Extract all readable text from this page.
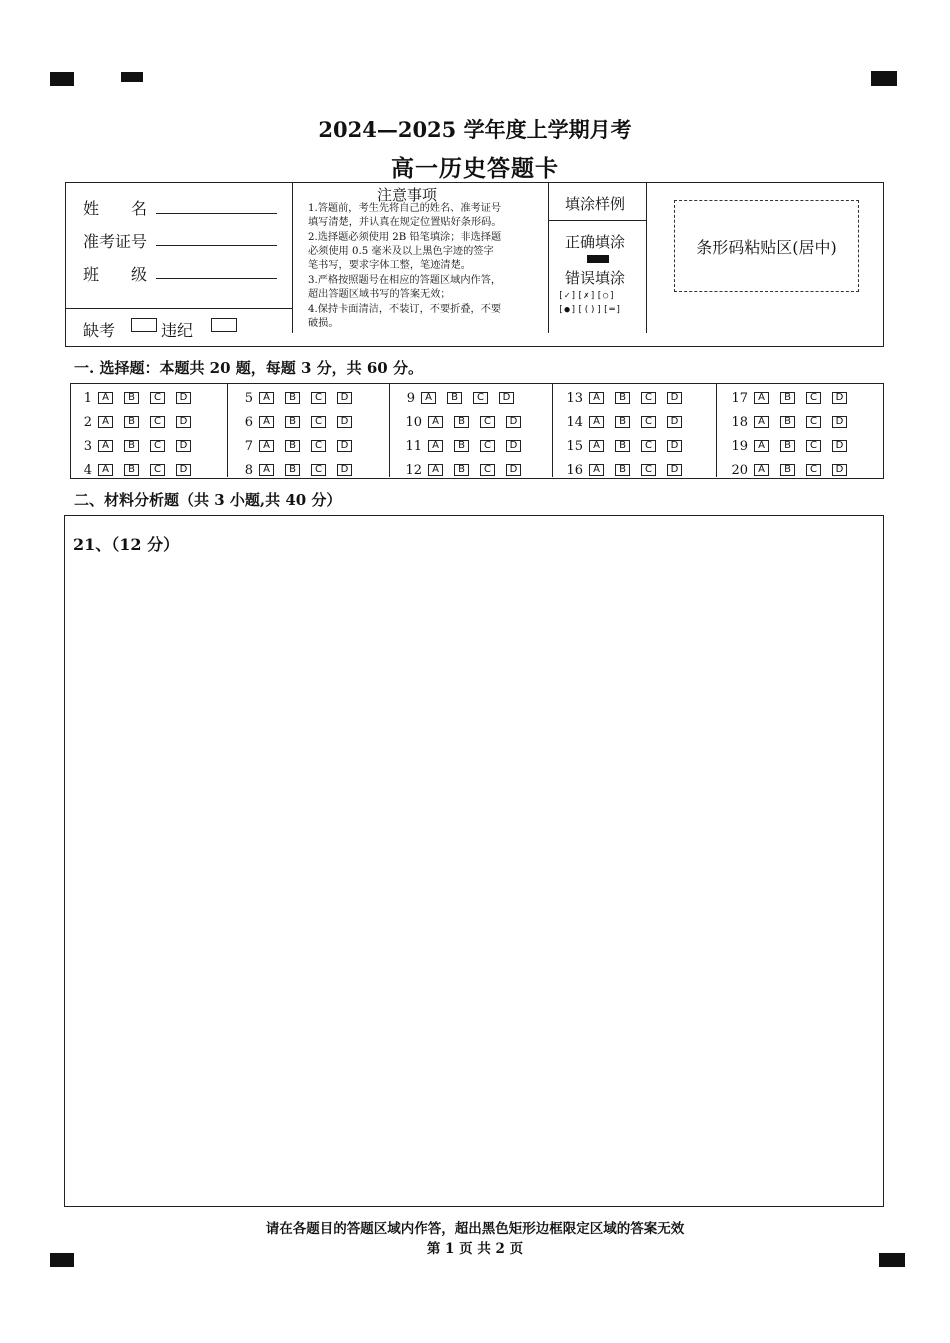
2024—2025 学年度上学期月考
高一历史答题卡
姓　　名
准考证号
班　　级
缺考	违纪
注意事项
1.答题前，考生先将自己的姓名、准考证号
填写清楚，并认真在规定位置贴好条形码。
2.选择题必须使用 2B 铅笔填涂；非选择题
必须使用 0.5 毫米及以上黑色字迹的签字
笔书写，要求字体工整，笔迹清楚。
3.严格按照题号在相应的答题区域内作答，
超出答题区域书写的答案无效；
4.保持卡面清洁，不装订，不要折叠，不要
破损。
填涂样例
正确填涂
错误填涂
[✓][✗][○]
[●][()][═]
条形码粘贴区(居中)
一. 选择题：本题共 20 题，每题 3 分，共 60 分。
1	A	B	C	D
2	A	B	C	D
3	A	B	C	D
4	A	B	C	D
5	A	B	C	D
6	A	B	C	D
7	A	B	C	D
8	A	B	C	D
9	A	B	C	D
10	A	B	C	D
11	A	B	C	D
12	A	B	C	D
13	A	B	C	D
14	A	B	C	D
15	A	B	C	D
16	A	B	C	D
17	A	B	C	D
18	A	B	C	D
19	A	B	C	D
20	A	B	C	D
二、材料分析题（共 3 小题,共 40 分）
21、（12 分）
请在各题目的答题区域内作答，超出黑色矩形边框限定区域的答案无效
第 1 页 共 2 页
